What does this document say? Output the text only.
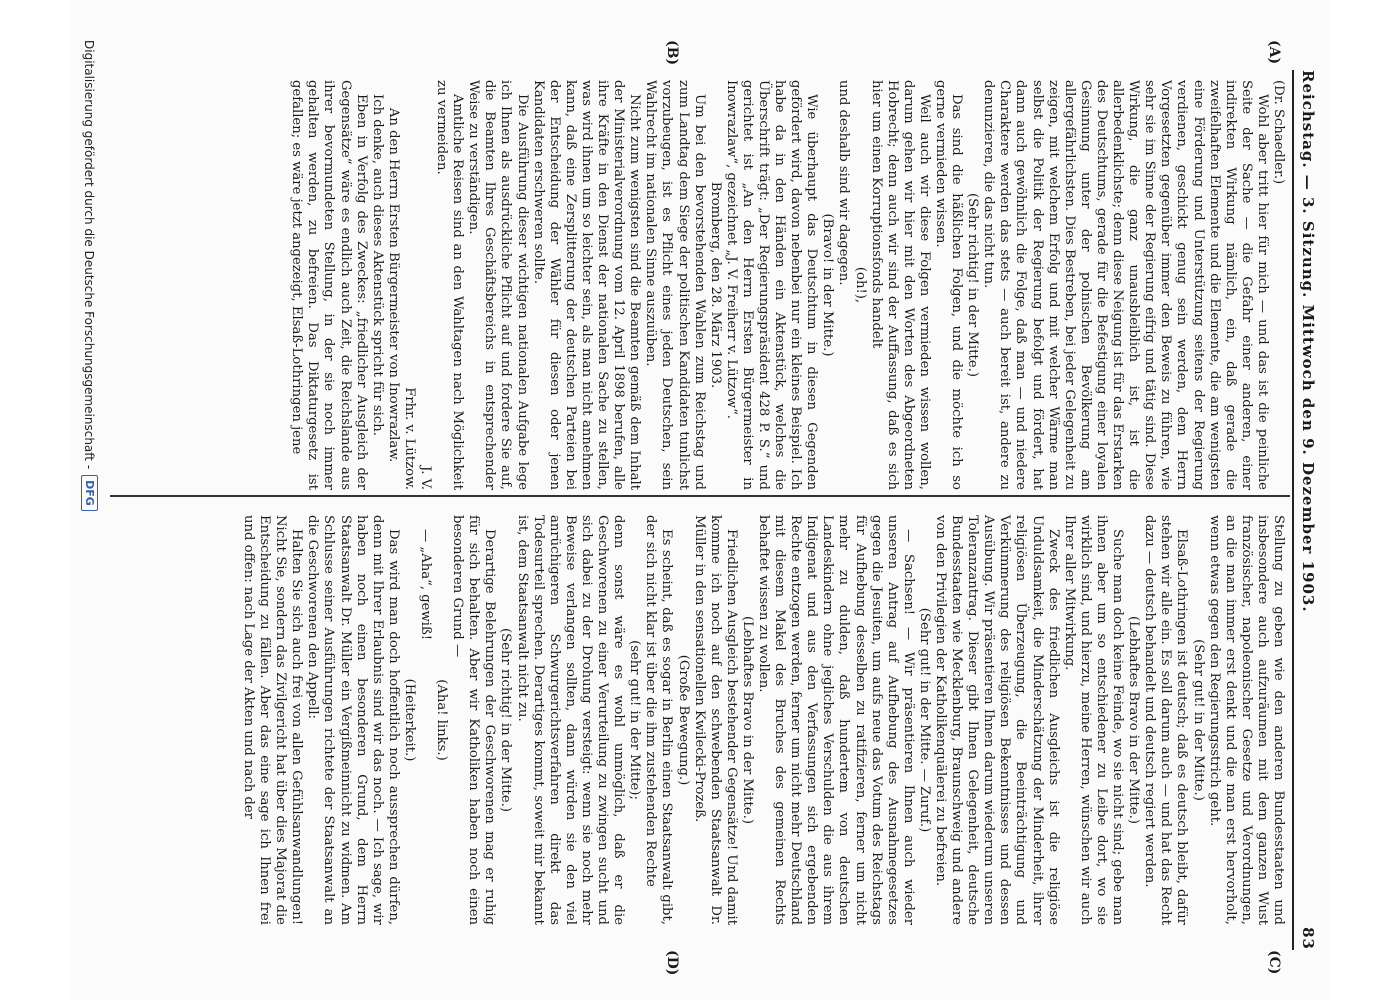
Reichstag. — 3. Sitzung. Mittwoch den 9. Dezember 1903.
83
(A)
(B)
(C)
(D)

(Dr. Schaedler.)

Wohl aber tritt hier für mich — und das ist die peinliche Seite der Sache — die Gefahr einer anderen, einer indirekten Wirkung nämlich, ein, daß gerade die zweifelhaften Elemente und die Elemente, die am wenigsten eine Förderung und Unterstützung seitens der Regierung verdienen, geschickt genug sein werden, dem Herrn Vorgesetzten gegenüber immer den Beweis zu führen, wie sehr sie im Sinne der Regierung eifrig und tätig sind. Diese Wirkung, die ganz unausbleiblich ist, ist die allerbedenklichste; denn diese Neigung ist für das Erstarken des Deutschtums, gerade für die Befestigung einer loyalen Gesinnung unter der polnischen Bevölkerung am allergefährlichsten. Dies Bestreben, bei jeder Gelegenheit zu zeigen, mit welchem Erfolg und mit welcher Wärme man selbst die Politik der Regierung befolgt und fördert, hat dann auch gewöhnlich die Folge, daß man — und niedere Charaktere werden das stets — auch bereit ist, andere zu denunzieren, die das nicht tun.

(Sehr richtig! in der Mitte.)

Das sind die häßlichen Folgen, und die möchte ich so gerne vermieden wissen.

Weil auch wir diese Folgen vermieden wissen wollen, darum gehen wir hier mit den Worten des Abgeordneten Hobrecht; denn auch wir sind der Auffassung, daß es sich hier um einen Korruptionsfonds handelt

(oh!),

und deshalb sind wir dagegen.

(Bravo! in der Mitte.)

Wie überhaupt das Deutschtum in diesen Gegenden gefördert wird, davon nebenbei nur ein kleines Beispiel. Ich habe da in den Händen ein Aktenstück, welches die Überschrift trägt: „Der Regierungspräsident 428 P. S.“ und gerichtet ist „An den Herrn Ersten Bürgermeister in Inowrazlaw“, gezeichnet „J. V. Freiherr v. Lützow“.

Bromberg, den 28. März 1903.

Um bei den bevorstehenden Wahlen zum Reichstag und zum Landtag dem Siege der politischen Kandidaten tunlichst vorzubeugen, ist es Pflicht eines jeden Deutschen, sein Wahlrecht im nationalen Sinne auszuüben.

Nicht zum wenigsten sind die Beamten gemäß dem Inhalt der Ministerialverordnung vom 12. April 1898 berufen, alle ihre Kräfte in den Dienst der nationalen Sache zu stellen, was wird ihnen um so leichter sein, als man nicht annehmen kann, daß eine Zersplitterung der deutschen Parteien bei der Entscheidung der Wähler für diesen oder jenen Kandidaten erschweren sollte.

Die Ausführung dieser wichtigen nationalen Aufgabe lege ich Ihnen als ausdrückliche Pflicht auf und fordere Sie auf, die Beamten Ihres Geschäftsbereichs in entsprechender Weise zu verständigen.

Amtliche Reisen sind an den Wahltagen nach Möglichkeit zu vermeiden.

J. V.

Frhr. v. Lützow.

An den Herrn Ersten Bürgermeister von Inowrazlaw.

Ich denke, auch dieses Aktenstück spricht für sich.

Eben in Verfolg des Zweckes: „friedlicher Ausgleich der Gegensätze“ wäre es endlich auch Zeit, die Reichslande aus ihrer bevormundeten Stellung, in der sie noch immer gehalten werden, zu befreien. Das Diktaturgesetz ist gefallen; es wäre jetzt angezeigt, Elsaß-Lothringen jene

Stellung zu geben wie den anderen Bundesstaaten und insbesondere auch aufzuräumen mit dem ganzen Wust französischer, napoleonischer Gesetze und Verordnungen, an die man immer erst denkt und die man erst hervorholt, wenn etwas gegen den Regierungsstrich geht.

(Sehr gut! in der Mitte.)

Elsaß-Lothringen ist deutsch; daß es deutsch bleibt, dafür stehen wir alle ein. Es soll darum auch — und hat das Recht dazu — deutsch behandelt und deutsch regiert werden.

(Lebhaftes Bravo in der Mitte.)

Suche man doch keine Feinde, wo sie nicht sind; gebe man ihnen aber um so entschiedener zu Leibe dort, wo sie wirklich sind, und hierzu, meine Herren, wünschen wir auch Ihrer aller Mitwirkung.

Zweck des friedlichen Ausgleichs ist die religiöse Unduldsamkeit, die Minderschätzung der Minderheit, ihrer religiösen Überzeugung, die Beeinträchtigung und Verkümmerung des religiösen Bekenntnisses und dessen Ausübung. Wir präsentieren Ihnen darum wiederum unseren Toleranzantrag. Dieser gibt Ihnen Gelegenheit, deutsche Bundesstaaten wie Mecklenburg, Braunschweig und andere von den Privilegien der Katholikenquälerei zu befreien.

(Sehr gut! in der Mitte. — Zuruf.)

— Sachsen! — Wir präsentieren Ihnen auch wieder unseren Antrag auf Aufhebung des Ausnahmegesetzes gegen die Jesuiten, um aufs neue das Votum des Reichstags für Aufhebung desselben zu ratifizieren, ferner um nicht mehr zu dulden, daß hundertem von deutschen Landeskindern ohne jegliches Verschulden die aus ihrem Indigenat und aus den Verfassungen sich ergebenden Rechte entzogen werden, ferner um nicht mehr Deutschland mit diesem Makel des Bruches des gemeinen Rechts behaftet wissen zu wollen.

(Lebhaftes Bravo in der Mitte.)

Friedlichen Ausgleich bestehender Gegensätze! Und damit komme ich noch auf den schwebenden Staatsanwalt Dr. Müller in den sensationellen Kwilecki-Prozeß.

(Große Bewegung.)

Es scheint, daß es sogar in Berlin einen Staatsanwalt gibt, der sich nicht klar ist über die ihm zustehenden Rechte

(sehr gut! in der Mitte);

denn sonst wäre es wohl unmöglich, daß er die Geschworenen zu einer Verurteilung zu zwingen sucht und sich dabei zu der Drohung versteigt: wenn sie noch mehr Beweise verlangen sollten, dann würden sie den viel anrüchigeren Schwurgerichtsverfahren direkt das Todesurteil sprechen. Derartiges kommt, soweit mir bekannt ist, dem Staatsanwalt nicht zu.

(Sehr richtig! in der Mitte.)

Derartige Belehrungen der Geschworenen mag er ruhig für sich behalten. Aber wir Katholiken haben noch einen besonderen Grund —

(Aha! links.)

— „Aha“, gewiß!

(Heiterkeit.)

Das wird man doch hoffentlich noch aussprechen dürfen, denn mit Ihrer Erlaubnis sind wir das noch. — Ich sage, wir haben noch einen besonderen Grund, dem Herrn Staatsanwalt Dr. Müller ein Vergißmeinnicht zu widmen. Am Schlusse seiner Ausführungen richtete der Staatsanwalt an die Geschworenen den Appell:

Halten Sie sich auch frei von allen Gefühlsanwandlungen! Nicht Sie, sondern das Zivilgericht hat über dies Majorat die Entscheidung zu fällen. Aber das eine sage ich Ihnen frei und offen: nach Lage der Akten und nach der

Digitalisierung gefördert durch die Deutsche Forschungsgemeinschaft -
DFG
